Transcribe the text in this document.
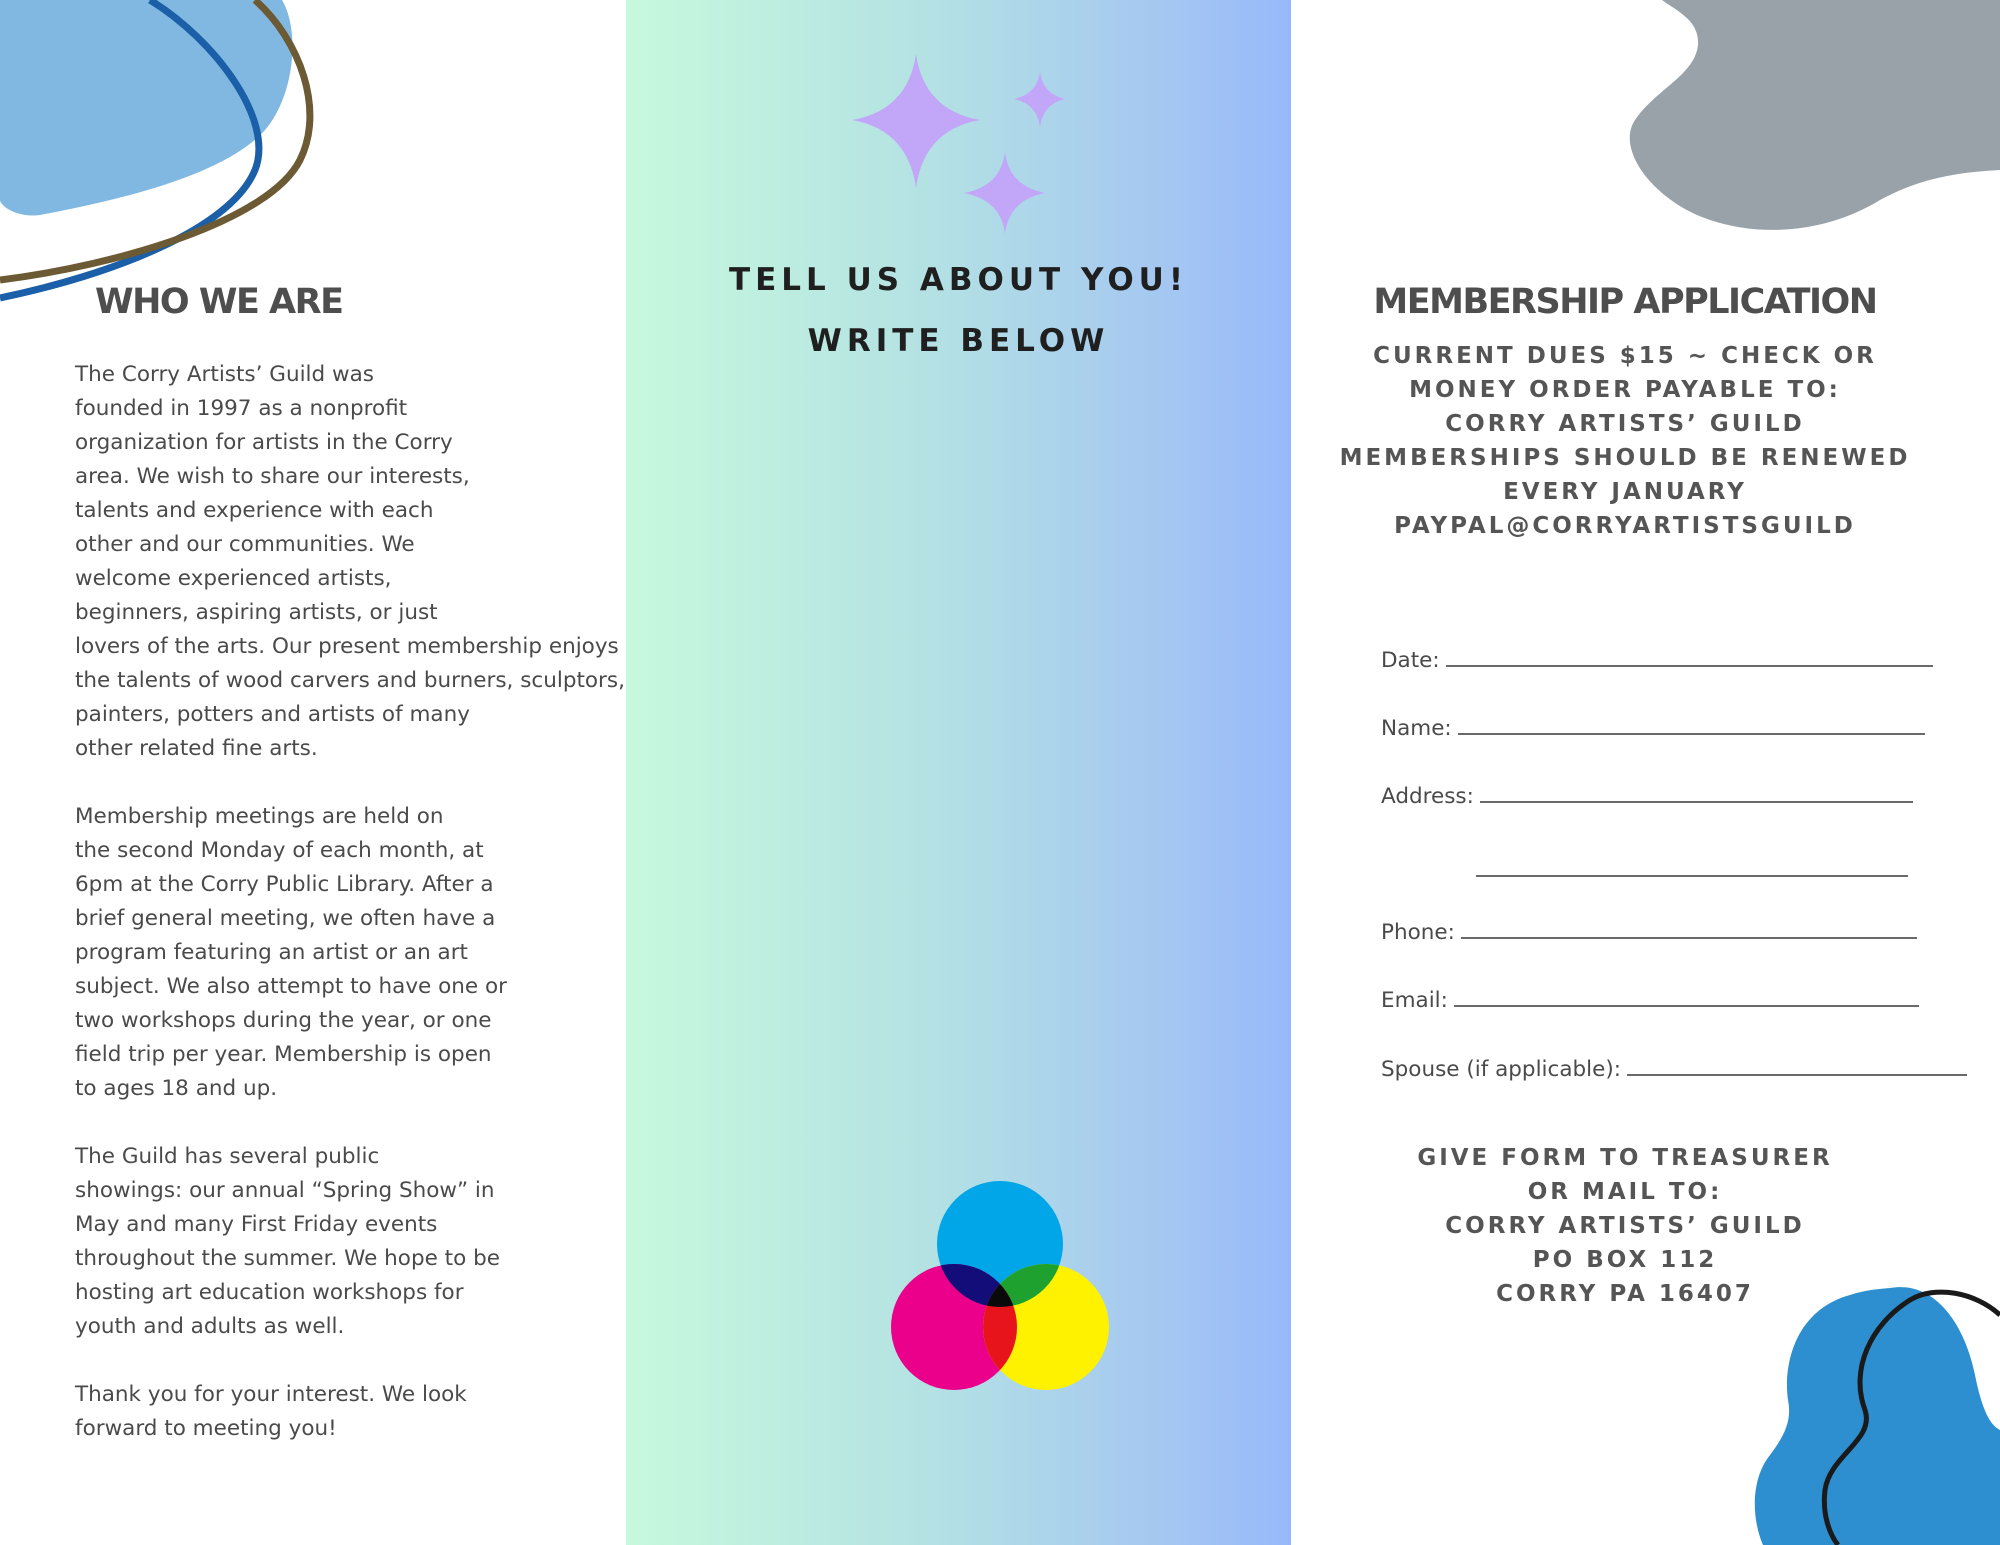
WHO WE ARE

The Corry Artists’ Guild was
founded in 1997 as a nonprofit
organization for artists in the Corry
area. We wish to share our interests,
talents and experience with each
other and our communities. We
welcome experienced artists,
beginners, aspiring artists, or just
lovers of the arts. Our present membership enjoys
the talents of wood carvers and burners, sculptors,
painters, potters and artists of many
other related fine arts.

Membership meetings are held on
the second Monday of each month, at
6pm at the Corry Public Library. After a
brief general meeting, we often have a
program featuring an artist or an art
subject. We also attempt to have one or
two workshops during the year, or one
field trip per year. Membership is open
to ages 18 and up.

The Guild has several public
showings: our annual “Spring Show” in
May and many First Friday events
throughout the summer. We hope to be
hosting art education workshops for
youth and adults as well.

Thank you for your interest. We look
forward to meeting you!

TELL US ABOUT YOU!
WRITE BELOW
MEMBERSHIP APPLICATION
CURRENT DUES $15 ~ CHECK OR
MONEY ORDER PAYABLE TO:
CORRY ARTISTS’ GUILD
MEMBERSHIPS SHOULD BE RENEWED
EVERY JANUARY
PAYPAL@CORRYARTISTSGUILD
Date:
Name:
Address:
Phone:
Email:
Spouse (if applicable):
GIVE FORM TO TREASURER
OR MAIL TO:
CORRY ARTISTS’ GUILD
PO BOX 112
CORRY PA 16407
